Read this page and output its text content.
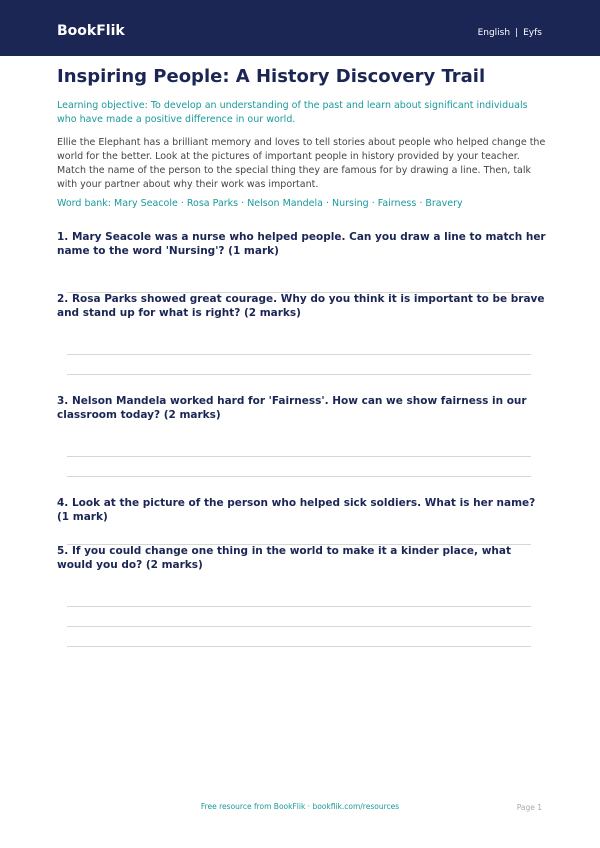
BookFlik	English | Eyfs
Inspiring People: A History Discovery Trail
Learning objective: To develop an understanding of the past and learn about significant individuals who have made a positive difference in our world.
Ellie the Elephant has a brilliant memory and loves to tell stories about people who helped change the world for the better. Look at the pictures of important people in history provided by your teacher. Match the name of the person to the special thing they are famous for by drawing a line. Then, talk with your partner about why their work was important.
Word bank: Mary Seacole · Rosa Parks · Nelson Mandela · Nursing · Fairness · Bravery
1. Mary Seacole was a nurse who helped people. Can you draw a line to match her name to the word 'Nursing'? (1 mark)
2. Rosa Parks showed great courage. Why do you think it is important to be brave and stand up for what is right? (2 marks)
3. Nelson Mandela worked hard for 'Fairness'. How can we show fairness in our classroom today? (2 marks)
4. Look at the picture of the person who helped sick soldiers. What is her name? (1 mark)
5. If you could change one thing in the world to make it a kinder place, what would you do? (2 marks)
Free resource from BookFlik · bookflik.com/resources	Page 1
